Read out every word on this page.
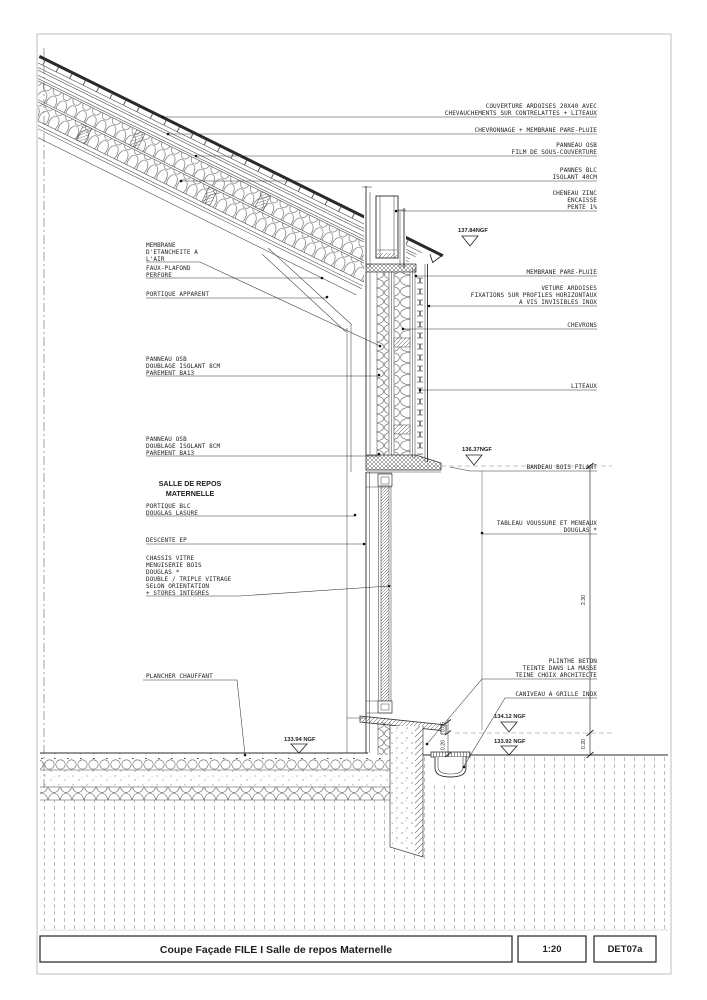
MEMBRANE
D'ETANCHEITE A
L'AIR
FAUX-PLAFOND
PERFORE
PORTIQUE APPARENT
PANNEAU OSB
DOUBLAGE ISOLANT 8CM
PAREMENT BA13
PANNEAU OSB
DOUBLAGE ISOLANT 8CM
PAREMENT BA13
SALLE DE REPOS
MATERNELLE
PORTIQUE BLC
DOUGLAS LASURE
DESCENTE EP
CHASSIS VITRE
MENUISERIE BOIS
DOUGLAS *
DOUBLE / TRIPLE VITRAGE
SELON ORIENTATION
+ STORES INTEGRES
PLANCHER CHAUFFANT
COUVERTURE ARDOISES 20X40 AVEC
CHEVAUCHEMENTS SUR CONTRELATTES + LITEAUX
CHEVRONNAGE + MEMBRANE PARE-PLUIE
PANNEAU OSB
FILM DE SOUS-COUVERTURE
PANNES BLC
ISOLANT 40CM
CHENEAU ZINC
ENCAISSE
PENTE 1%
MEMBRANE PARE-PLUIE
VETURE ARDOISES
FIXATIONS SUR PROFILES HORIZONTAUX
A VIS INVISIBLES INOX
CHEVRONS
LITEAUX
BANDEAU BOIS FILANT
TABLEAU VOUSSURE ET MENEAUX
DOUGLAS *
PLINTHE BETON
TEINTE DANS LA MASSE
TEINE CHOIX ARCHITECTE
CANIVEAU A GRILLE INOX
137.84NGF
136.37NGF
134.12 NGF
133.92 NGF
133.94 NGF
2.30
0.20
0.05
0.20
Coupe Façade FILE I Salle de repos Maternelle	1:20	DET07a
